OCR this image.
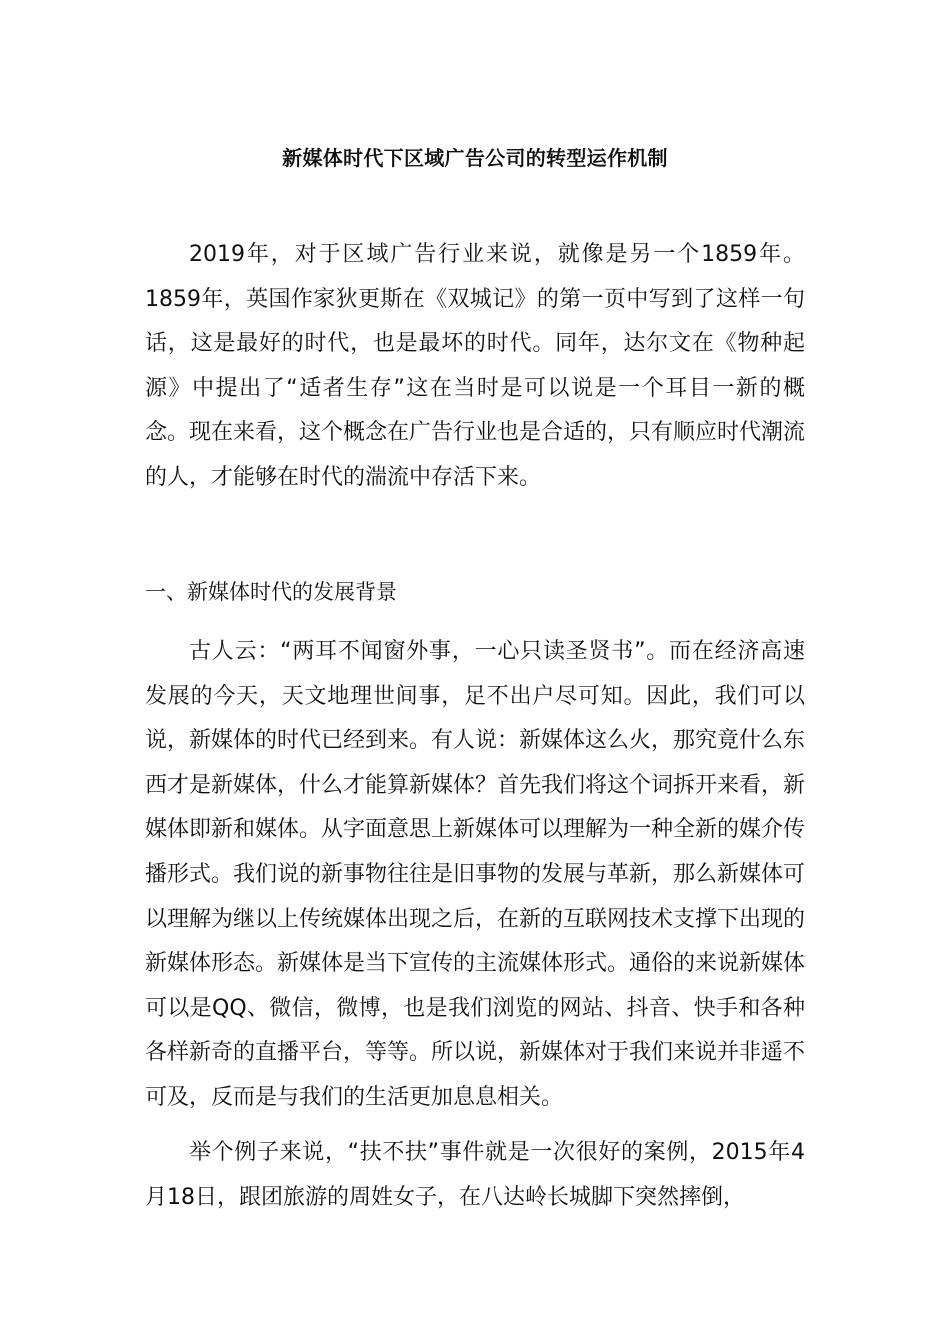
新媒体时代下区域广告公司的转型运作机制

2019年，对于区域广告行业来说，就像是另一个1859年。1859年，英国作家狄更斯在《双城记》的第一页中写到了这样一句话，这是最好的时代，也是最坏的时代。同年，达尔文在《物种起源》中提出了“适者生存”这在当时是可以说是一个耳目一新的概念。现在来看，这个概念在广告行业也是合适的，只有顺应时代潮流的人，才能够在时代的湍流中存活下来。

一、新媒体时代的发展背景

古人云：“两耳不闻窗外事，一心只读圣贤书”。而在经济高速发展的今天，天文地理世间事，足不出户尽可知。因此，我们可以说，新媒体的时代已经到来。有人说：新媒体这么火，那究竟什么东西才是新媒体，什么才能算新媒体？首先我们将这个词拆开来看，新媒体即新和媒体。从字面意思上新媒体可以理解为一种全新的媒介传播形式。我们说的新事物往往是旧事物的发展与革新，那么新媒体可以理解为继以上传统媒体出现之后，在新的互联网技术支撑下出现的新媒体形态。新媒体是当下宣传的主流媒体形式。通俗的来说新媒体可以是QQ、微信，微博，也是我们浏览的网站、抖音、快手和各种各样新奇的直播平台，等等。所以说，新媒体对于我们来说并非遥不可及，反而是与我们的生活更加息息相关。

举个例子来说，“扶不扶”事件就是一次很好的案例，2015年4月18日，跟团旅游的周姓女子，在八达岭长城脚下突然摔倒，
